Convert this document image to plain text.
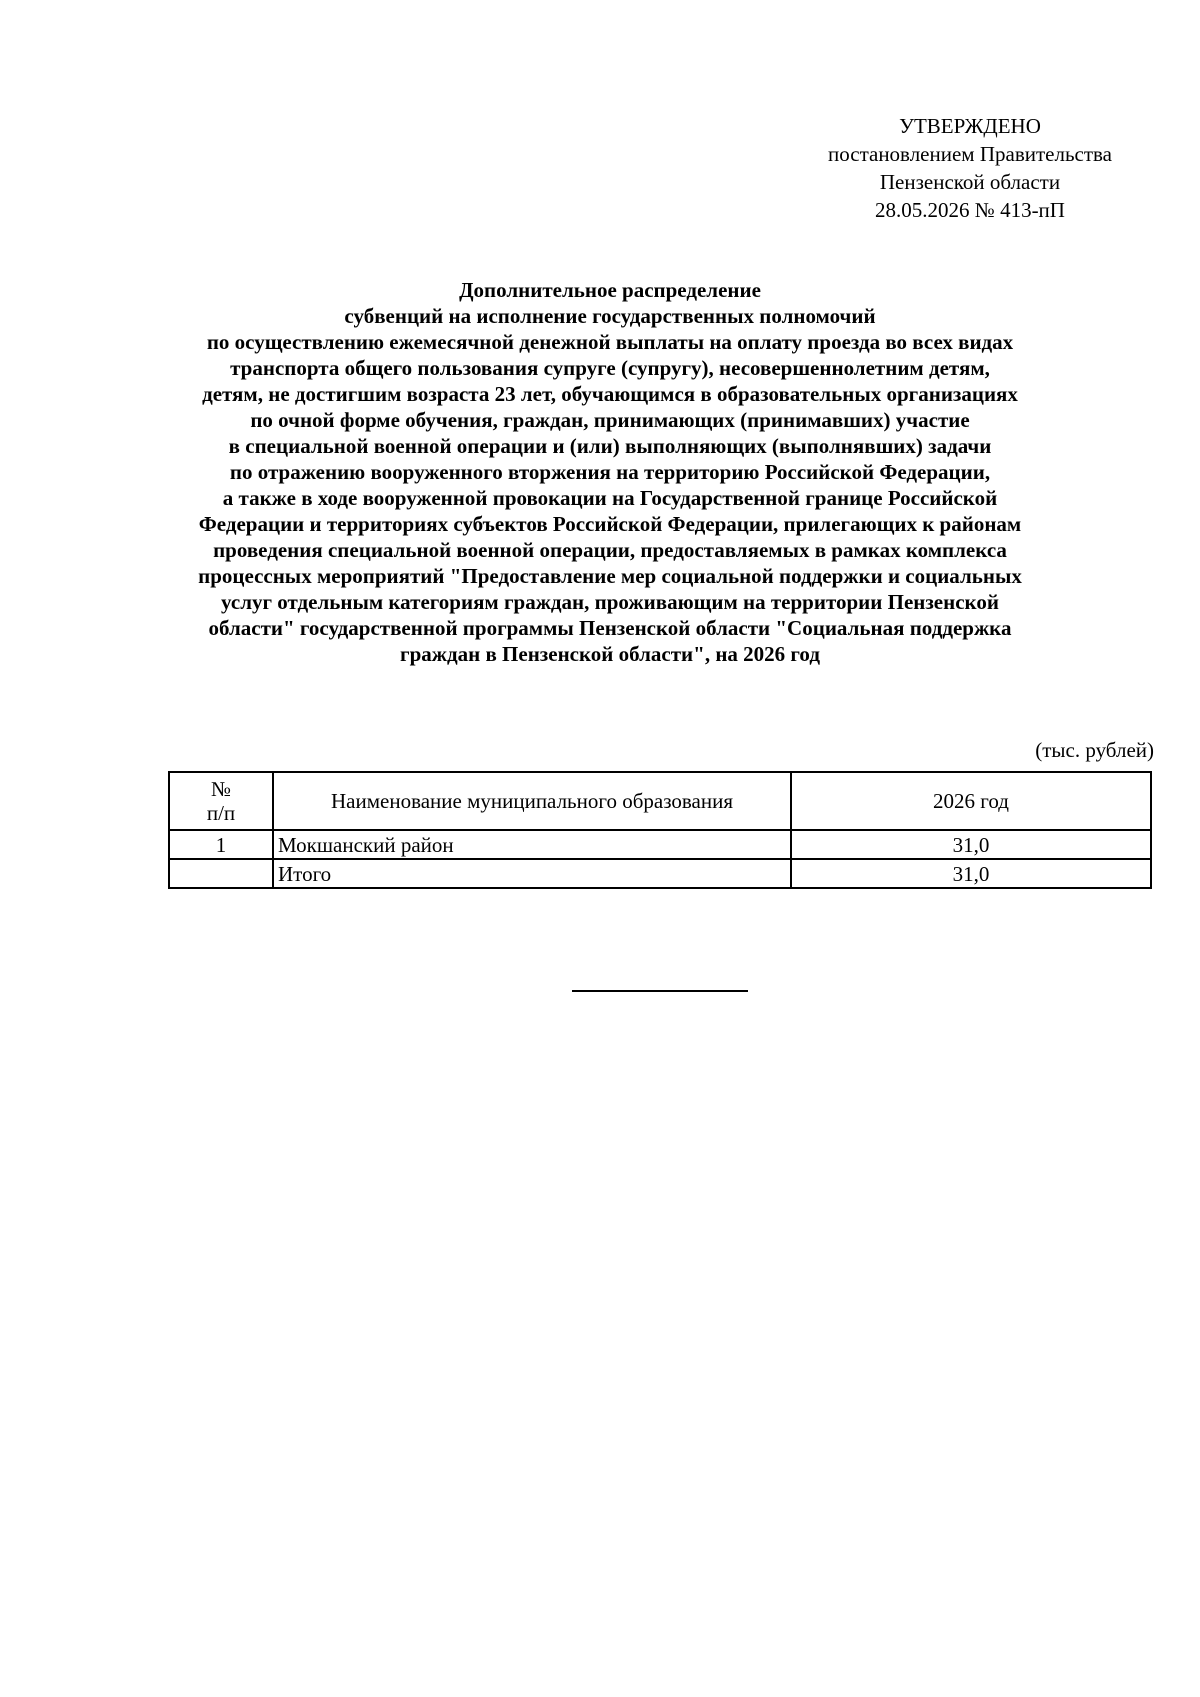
УТВЕРЖДЕНО
постановлением Правительства
Пензенской области
28.05.2026 № 413-пП
Дополнительное распределение
субвенций на исполнение государственных полномочий
по осуществлению ежемесячной денежной выплаты на оплату проезда во всех видах
транспорта общего пользования супруге (супругу), несовершеннолетним детям,
детям, не достигшим возраста 23 лет, обучающимся в образовательных организациях
по очной форме обучения, граждан, принимающих (принимавших) участие
в специальной военной операции и (или) выполняющих (выполнявших) задачи
по отражению вооруженного вторжения на территорию Российской Федерации,
а также в ходе вооруженной провокации на Государственной границе Российской
Федерации и территориях субъектов Российской Федерации, прилегающих к районам
проведения специальной военной операции, предоставляемых в рамках комплекса
процессных мероприятий "Предоставление мер социальной поддержки и социальных
услуг отдельным категориям граждан, проживающим на территории Пензенской
области" государственной программы Пензенской области "Социальная поддержка
граждан в Пензенской области", на 2026 год
(тыс. рублей)
№
п/п	Наименование муниципального образования	2026 год
1	Мокшанский район	31,0
	Итого	31,0
